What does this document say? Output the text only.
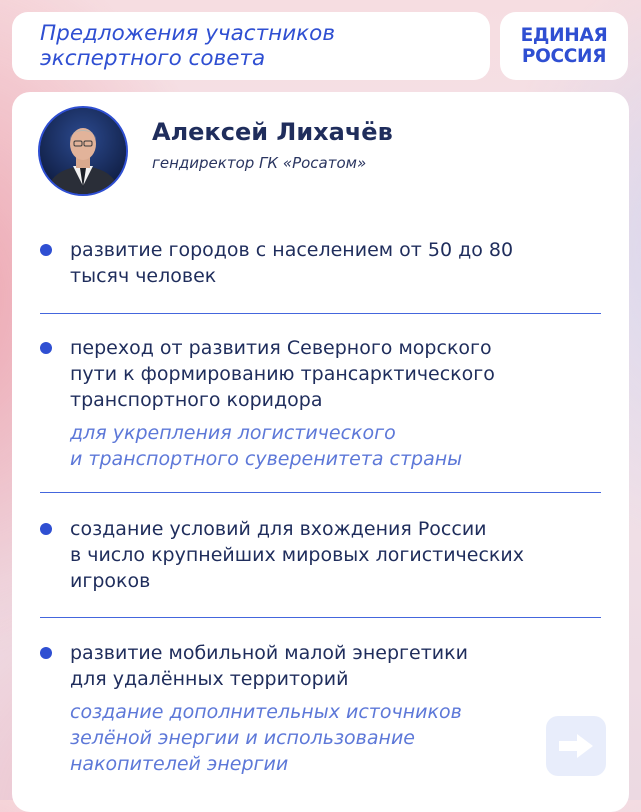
Предложения участников
экспертного совета
ЕДИНАЯ
РОССИЯ
Алексей Лихачёв
гендиректор ГК «Росатом»
развитие городов с населением от 50 до 80
тысяч человек
переход от развития Северного морского
пути к формированию трансарктического
транспортного коридора
для укрепления логистического
и транспортного суверенитета страны
создание условий для вхождения России
в число крупнейших мировых логистических
игроков
развитие мобильной малой энергетики
для удалённых территорий
создание дополнительных источников
зелёной энергии и использование
накопителей энергии
